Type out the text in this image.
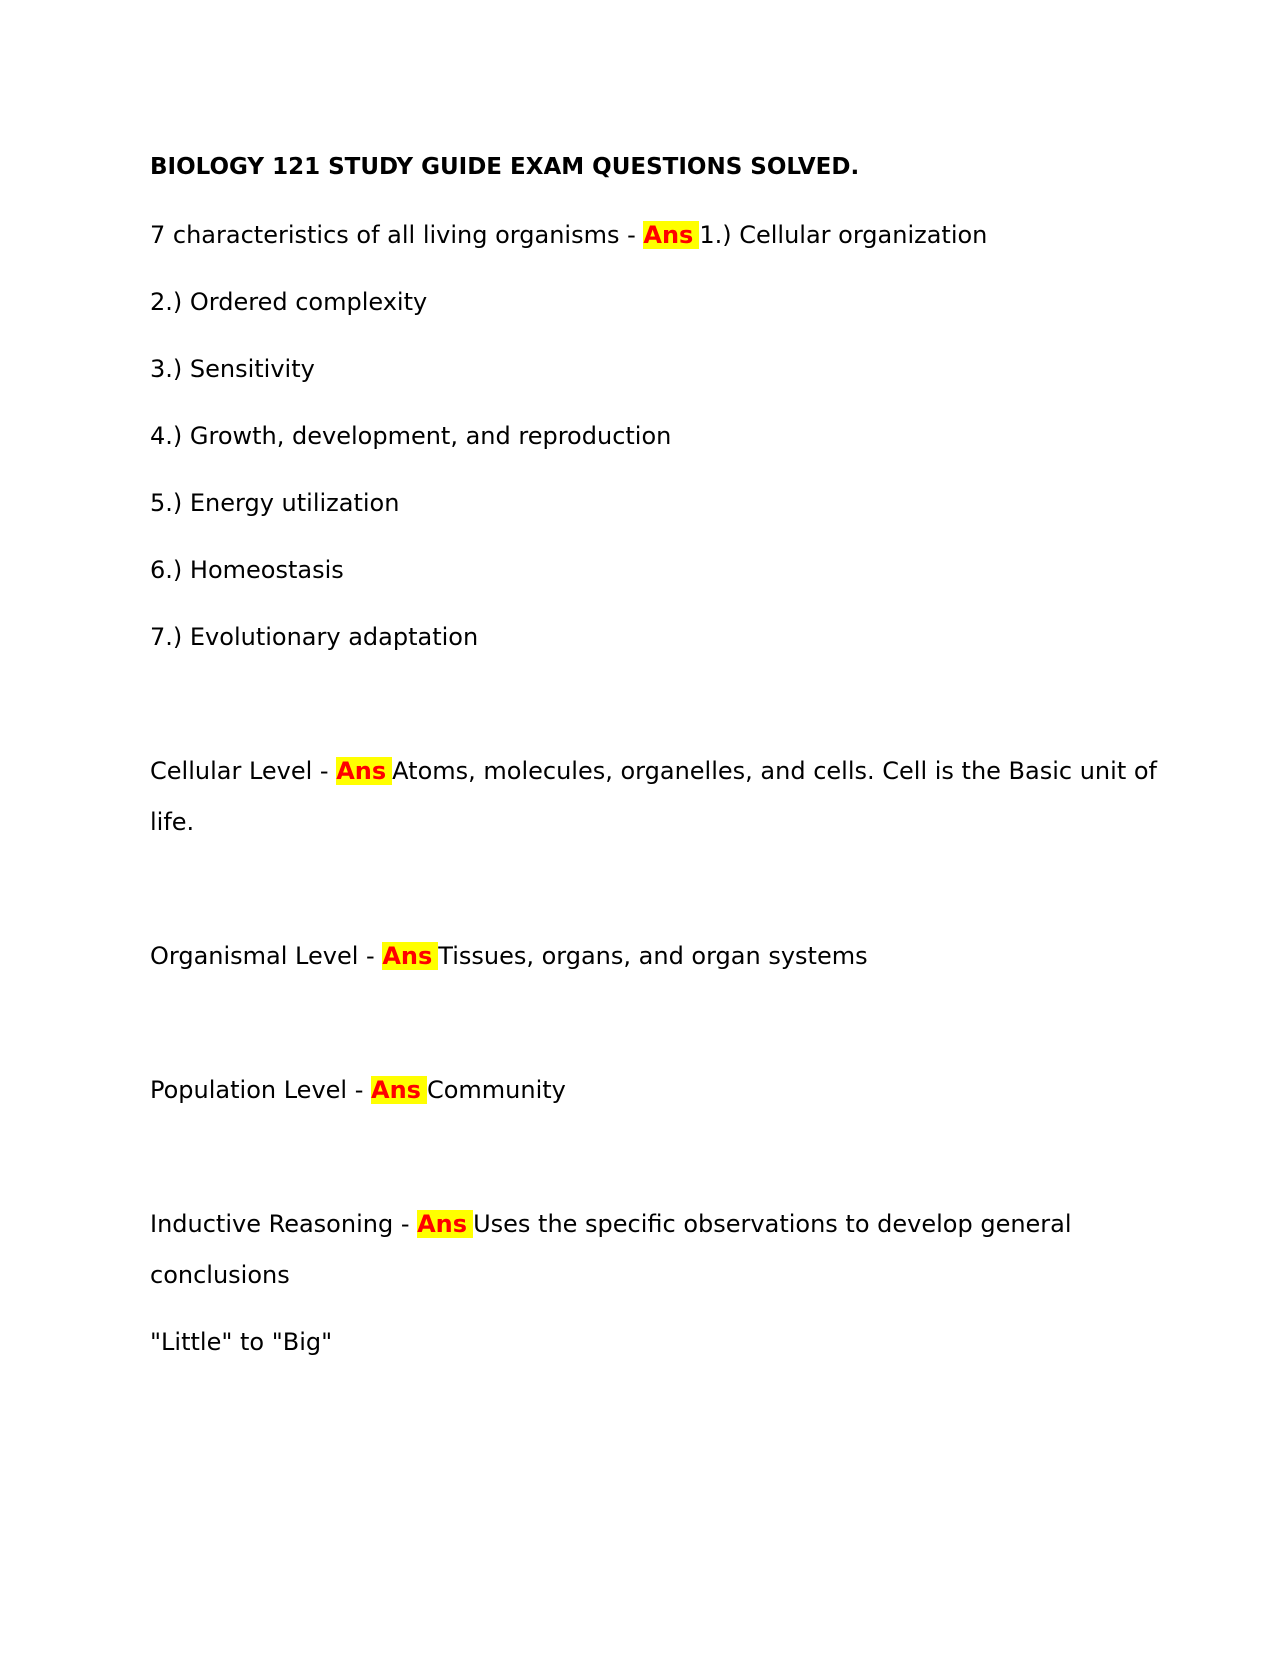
BIOLOGY 121 STUDY GUIDE EXAM QUESTIONS SOLVED.
7 characteristics of all living organisms - Ans 1.) Cellular organization
2.) Ordered complexity
3.) Sensitivity
4.) Growth, development, and reproduction
5.) Energy utilization
6.) Homeostasis
7.) Evolutionary adaptation
Cellular Level - Ans Atoms, molecules, organelles, and cells. Cell is the Basic unit of
life.
Organismal Level - Ans Tissues, organs, and organ systems
Population Level - Ans Community
Inductive Reasoning - Ans Uses the specific observations to develop general
conclusions
"Little" to "Big"
